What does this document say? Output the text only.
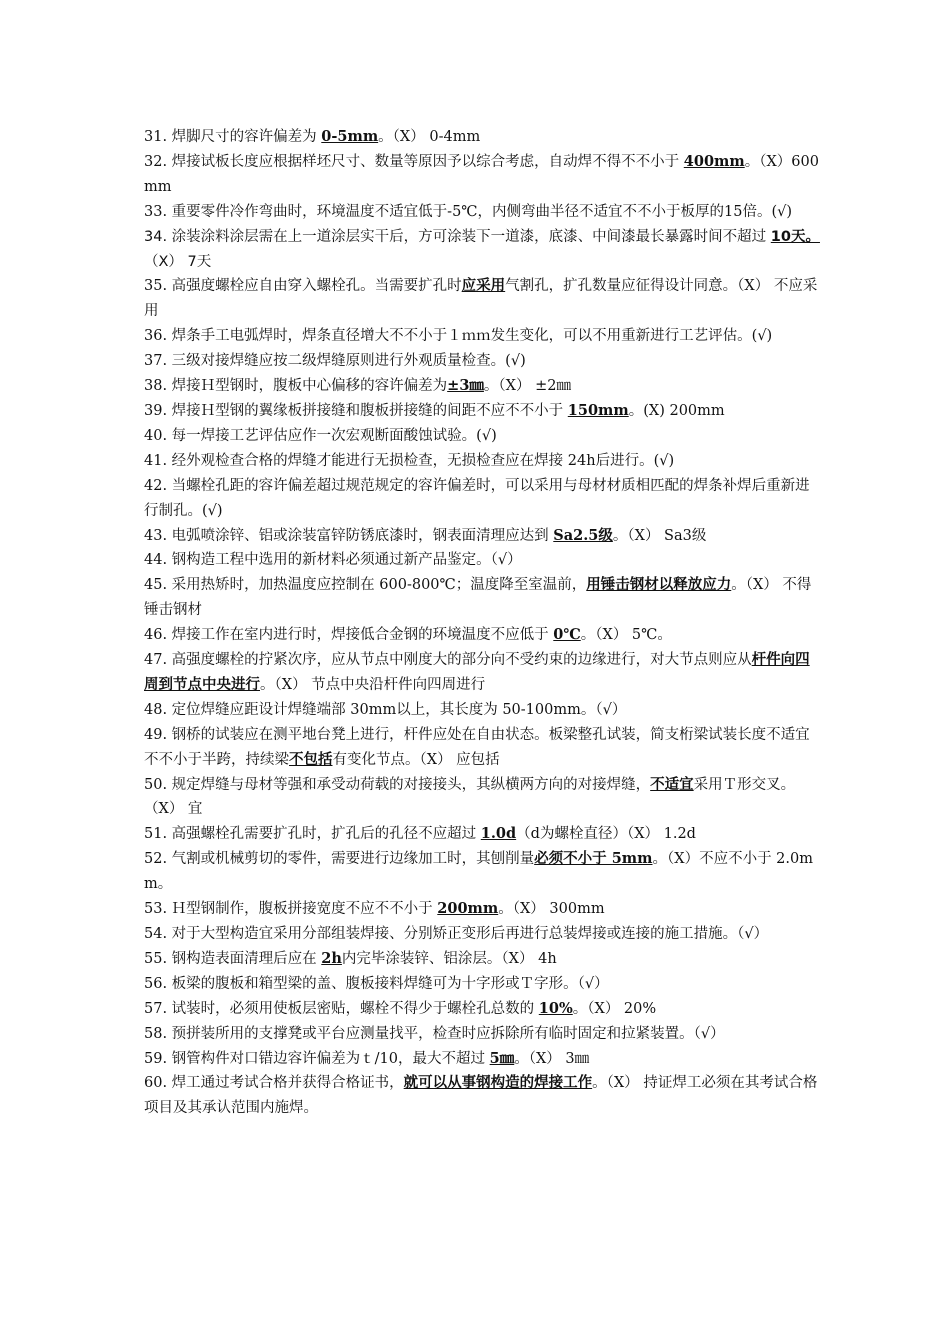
31. 焊脚尺寸的容许偏差为 0-5mm。（X） 0-4mm

32. 焊接试板长度应根据样坯尺寸、数量等原因予以综合考虑，自动焊不得不不小于 400mm。（X）600mm

33. 重要零件冷作弯曲时，环境温度不适宜低于-5℃，内侧弯曲半径不适宜不不小于板厚的15倍。(√)

34. 涂装涂料涂层需在上一道涂层实干后，方可涂装下一道漆，底漆、中间漆最长暴露时间不超过 10天。（X） 7天

35. 高强度螺栓应自由穿入螺栓孔。当需要扩孔时应采用气割孔，扩孔数量应征得设计同意。（X） 不应采用

36. 焊条手工电弧焊时，焊条直径增大不不小于１ｍｍ发生变化，可以不用重新进行工艺评估。(√)

37. 三级对接焊缝应按二级焊缝原则进行外观质量检查。(√)

38. 焊接Ｈ型钢时，腹板中心偏移的容许偏差为±3㎜。（X） ±2㎜

39. 焊接Ｈ型钢的翼缘板拼接缝和腹板拼接缝的间距不应不不小于 150mm。(X) 200mm

40. 每一焊接工艺评估应作一次宏观断面酸蚀试验。(√)

41. 经外观检查合格的焊缝才能进行无损检查，无损检查应在焊接 24h后进行。(√)

42. 当螺栓孔距的容许偏差超过规范规定的容许偏差时，可以采用与母材材质相匹配的焊条补焊后重新进行制孔。(√)

43. 电弧喷涂锌、铝或涂装富锌防锈底漆时，钢表面清理应达到 Sa2.5级。（X） Sa3级

44. 钢构造工程中选用的新材料必须通过新产品鉴定。（√）

45. 采用热矫时，加热温度应控制在 600-800℃；温度降至室温前，用锤击钢材以释放应力。（X） 不得锤击钢材

46. 焊接工作在室内进行时，焊接低合金钢的环境温度不应低于 0℃。（X） 5℃。

47. 高强度螺栓的拧紧次序，应从节点中刚度大的部分向不受约束的边缘进行，对大节点则应从杆件向四周到节点中央进行。（X） 节点中央沿杆件向四周进行

48. 定位焊缝应距设计焊缝端部 30mm以上，其长度为 50-100mm。（√）

49. 钢桥的试装应在测平地台凳上进行，杆件应处在自由状态。板梁整孔试装，简支桁梁试装长度不适宜不不小于半跨，持续梁不包括有变化节点。（X） 应包括

50. 规定焊缝与母材等强和承受动荷载的对接接头，其纵横两方向的对接焊缝，不适宜采用Ｔ形交叉。（X） 宜

51. 高强螺栓孔需要扩孔时，扩孔后的孔径不应超过 1.0d（d为螺栓直径）（X） 1.2d

52. 气割或机械剪切的零件，需要进行边缘加工时，其刨削量必须不小于 5mm。（X）不应不小于 2.0mm。

53. Ｈ型钢制作，腹板拼接宽度不应不不小于 200mm。（X） 300mm

54. 对于大型构造宜采用分部组装焊接、分别矫正变形后再进行总装焊接或连接的施工措施。（√）

55. 钢构造表面清理后应在 2h内完毕涂装锌、铝涂层。（X） 4h

56. 板梁的腹板和箱型梁的盖、腹板接料焊缝可为十字形或Ｔ字形。（√）

57. 试装时，必须用使板层密贴，螺栓不得少于螺栓孔总数的 10%。（X） 20%

58. 预拼装所用的支撑凳或平台应测量找平，检查时应拆除所有临时固定和拉紧装置。（√）

59. 钢管构件对口错边容许偏差为ｔ/10，最大不超过 5㎜。（X） 3㎜

60. 焊工通过考试合格并获得合格证书，就可以从事钢构造的焊接工作。（X） 持证焊工必须在其考试合格项目及其承认范围内施焊。
